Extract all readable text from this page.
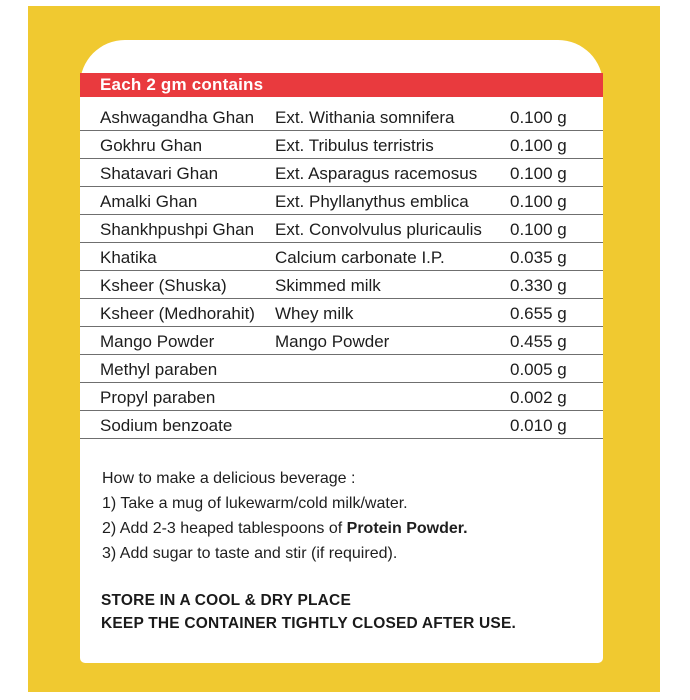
Each 2 gm contains
Ashwagandha Ghan Ext. Withania somnifera	0.100 g
Gokhru Ghan	Ext. Tribulus terristris	0.100 g
Shatavari Ghan	Ext. Asparagus racemosus 0.100 g
Amalki Ghan	Ext. Phyllanythus emblica 0.100 g
Shankhpushpi Ghan Ext. Convolvulus pluricaulis 0.100 g
Khatika	Calcium carbonate I.P.	0.035 g
Ksheer (Shuska)	Skimmed milk	0.330 g
Ksheer (Medhorahit) Whey milk	0.655 g
Mango Powder	Mango Powder	0.455 g
Methyl paraben	0.005 g
Propyl paraben	0.002 g
Sodium benzoate	0.010 g
How to make a delicious beverage :
1) Take a mug of lukewarm/cold milk/water.
2) Add 2-3 heaped tablespoons of Protein Powder.
3) Add sugar to taste and stir (if required).
STORE IN A COOL & DRY PLACE
KEEP THE CONTAINER TIGHTLY CLOSED AFTER USE.
